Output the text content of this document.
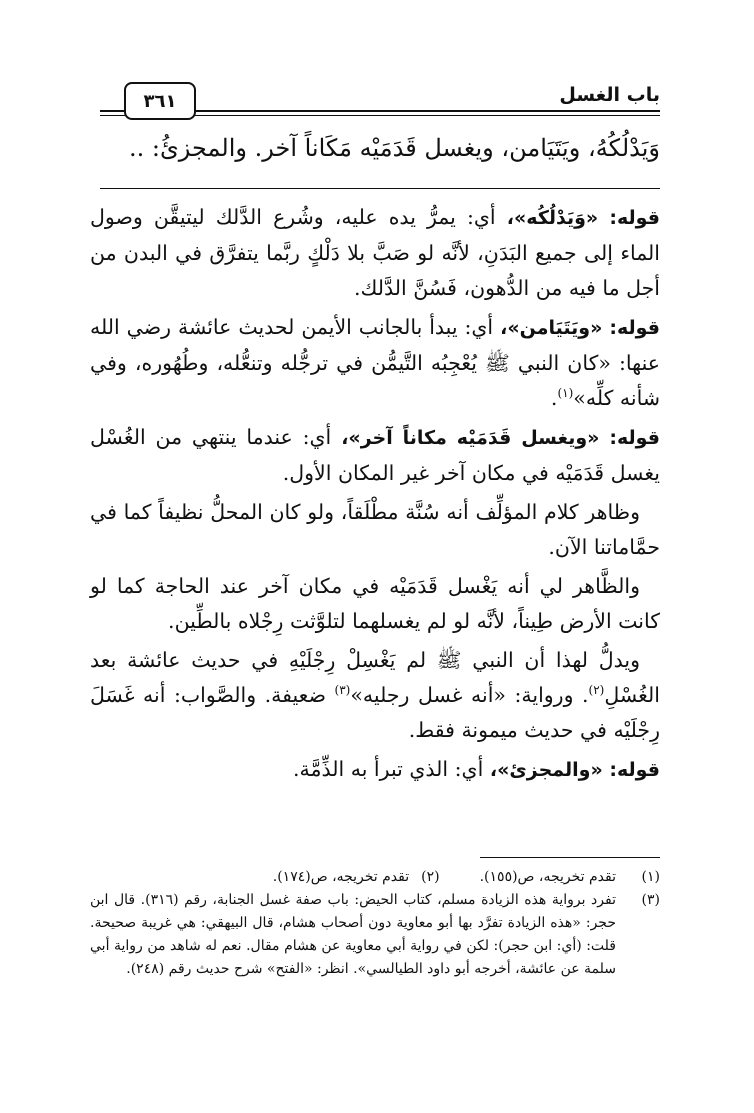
باب الغسل
٣٦١
وَيَدْلُكُهُ، ويَتَيَامن، ويغسل قَدَمَيْه مَكَاناً آخر. والمجزئُ: ..

قوله: «وَيَدْلُكُه»، أي: يمرُّ يده عليه، وشُرع الدَّلك ليتيقَّن وصول الماء إلى جميع البَدَنِ، لأنَّه لو صَبَّ بلا دَلْكٍ ربَّما يتفرَّق في البدن من أجل ما فيه من الدُّهون، فَسُنَّ الدَّلك.

قوله: «ويَتَيَامن»، أي: يبدأ بالجانب الأيمن لحديث عائشة رضي الله عنها: «كان النبي ﷺ يُعْجِبُه التَّيمُّن في ترجُّله وتنعُّله، وطُهُوره، وفي شأنه كلِّه»$^{(١)}$.

قوله: «ويغسل قَدَمَيْه مكاناً آخر»، أي: عندما ينتهي من الغُسْل يغسل قَدَمَيْه في مكان آخر غير المكان الأول.

وظاهر كلام المؤلِّف أنه سُنَّة مطْلَقاً، ولو كان المحلُّ نظيفاً كما في حمَّاماتنا الآن.

والظَّاهر لي أنه يَغْسل قَدَمَيْه في مكان آخر عند الحاجة كما لو كانت الأرض طِيناً، لأنَّه لو لم يغسلهما لتلوَّثت رِجْلاه بالطِّين.

ويدلُّ لهذا أن النبي ﷺ لم يَغْسِلْ رِجْلَيْهِ في حديث عائشة بعد الغُسْلِ$^{(٢)}$. ورواية: «أنه غسل رجليه»$^{(٣)}$ ضعيفة. والصَّواب: أنه غَسَلَ رِجْلَيْه في حديث ميمونة فقط.

قوله: «والمجزئ»، أي: الذي تبرأ به الذِّمَّة.

(١)
تقدم تخريجه، ص(١٥٥).
(٢)
تقدم تخريجه، ص(١٧٤).
(٣)
تفرد برواية هذه الزيادة مسلم، كتاب الحيض: باب صفة غسل الجنابة، رقم (٣١٦). قال ابن حجر: «هذه الزيادة تفرَّد بها أبو معاوية دون أصحاب هشام، قال البيهقي: هي غريبة صحيحة. قلت: (أي: ابن حجر): لكن في رواية أبي معاوية عن هشام مقال. نعم له شاهد من رواية أبي سلمة عن عائشة، أخرجه أبو داود الطيالسي». انظر: «الفتح» شرح حديث رقم (٢٤٨).
